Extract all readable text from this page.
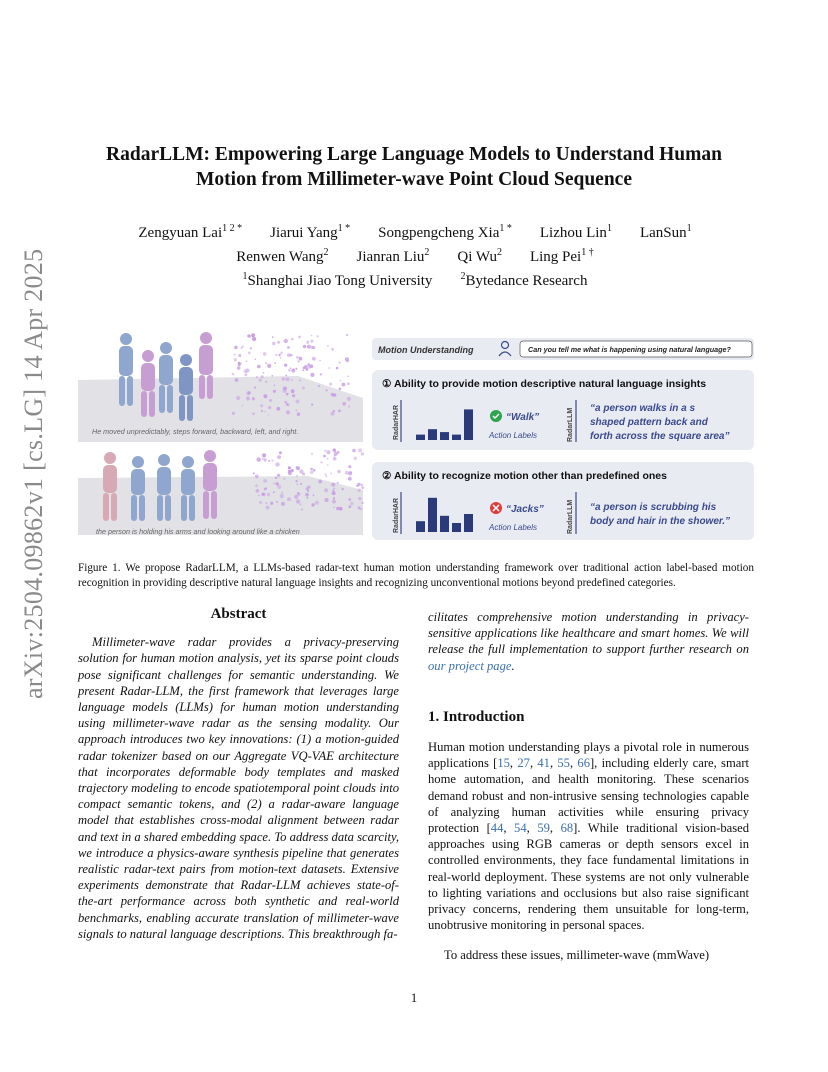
arXiv:2504.09862v1 [cs.LG] 14 Apr 2025
RadarLLM: Empowering Large Language Models to Understand Human
Motion from Millimeter-wave Point Cloud Sequence
Zengyuan Lai$^{1 2 *}$ Jiarui Yang$^{1 *}$ Songpengcheng Xia$^{1 *}$ Lizhou Lin$^1$ LanSun$^1$
Renwen Wang$^2$ Jianran Liu$^2$ Qi Wu$^2$ Ling Pei$^{1 \dagger}$
$^1$Shanghai Jiao Tong University	$^2$Bytedance Research
He moved unpredictably, steps forward, backward, left, and right.
the person is holding his arms and looking around like a chicken
Motion Understanding	Can you tell me what is happening using natural language?
① Ability to provide motion descriptive natural language insights
RadarHAR	“Walk”
Action Labels	RadarLLM “a person walks in a s shaped pattern back and forth across the square area”
② Ability to recognize motion other than predefined ones
RadarHAR	“Jacks”
Action Labels	RadarLLM “a person is scrubbing his body and hair in the shower.”
Figure 1. We propose RadarLLM, a LLMs-based radar-text human motion understanding framework over traditional action label-based motion recognition in providing descriptive natural language insights and recognizing unconventional motions beyond predefined categories.
Abstract

Millimeter-wave radar provides a privacy-preserving solution for human motion analysis, yet its sparse point clouds pose significant challenges for semantic understanding. We present Radar-LLM, the first framework that leverages large language models (LLMs) for human motion understanding using millimeter-wave radar as the sensing modality. Our approach introduces two key innovations: (1) a motion-guided radar tokenizer based on our Aggregate VQ-VAE architecture that incorporates deformable body templates and masked trajectory modeling to encode spatiotemporal point clouds into compact semantic tokens, and (2) a radar-aware language model that establishes cross-modal alignment between radar and text in a shared embedding space. To address data scarcity, we introduce a physics-aware synthesis pipeline that generates realistic radar-text pairs from motion-text datasets. Extensive experiments demonstrate that Radar-LLM achieves state-of-the-art performance across both synthetic and real-world benchmarks, enabling accurate translation of millimeter-wave signals to natural language descriptions. This breakthrough fa-

cilitates comprehensive motion understanding in privacy-sensitive applications like healthcare and smart homes. We will release the full implementation to support further research on our project page.

1. Introduction

Human motion understanding plays a pivotal role in numerous applications [15, 27, 41, 55, 66], including elderly care, smart home automation, and health monitoring. These scenarios demand robust and non-intrusive sensing technologies capable of analyzing human activities while ensuring privacy protection [44, 54, 59, 68]. While traditional vision-based approaches using RGB cameras or depth sensors excel in controlled environments, they face fundamental limitations in real-world deployment. These systems are not only vulnerable to lighting variations and occlusions but also raise significant privacy concerns, rendering them unsuitable for long-term, unobtrusive monitoring in personal spaces.

To address these issues, millimeter-wave (mmWave)

1
